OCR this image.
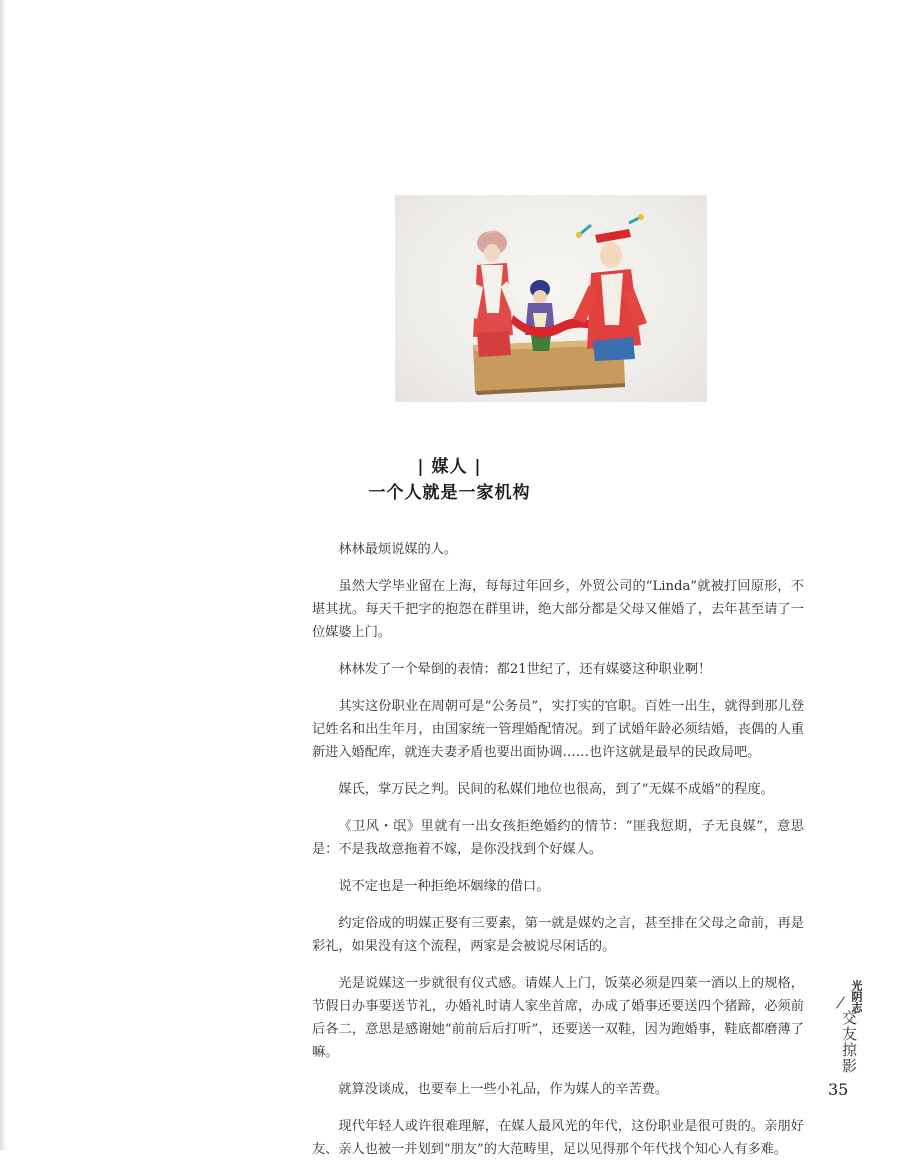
| 媒人 |
一个人就是一家机构

林林最烦说媒的人。

虽然大学毕业留在上海，每每过年回乡，外贸公司的“Linda”就被打回原形，不堪其扰。每天千把字的抱怨在群里讲，绝大部分都是父母又催婚了，去年甚至请了一位媒婆上门。

林林发了一个晕倒的表情：都21世纪了，还有媒婆这种职业啊！

其实这份职业在周朝可是“公务员”，实打实的官职。百姓一出生，就得到那儿登记姓名和出生年月，由国家统一管理婚配情况。到了试婚年龄必须结婚，丧偶的人重新进入婚配库，就连夫妻矛盾也要出面协调……也许这就是最早的民政局吧。

媒氏，掌万民之判。民间的私媒们地位也很高，到了“无媒不成婚”的程度。

《卫风・氓》里就有一出女孩拒绝婚约的情节：“匪我愆期，子无良媒”，意思是：不是我故意拖着不嫁，是你没找到个好媒人。

说不定也是一种拒绝坏姻缘的借口。

约定俗成的明媒正娶有三要素，第一就是媒妁之言，甚至排在父母之命前，再是彩礼，如果没有这个流程，两家是会被说尽闲话的。

光是说媒这一步就很有仪式感。请媒人上门，饭菜必须是四菜一酒以上的规格，节假日办事要送节礼，办婚礼时请人家坐首席，办成了婚事还要送四个猪蹄，必须前后各二，意思是感谢她“前前后后打听”，还要送一双鞋，因为跑婚事，鞋底都磨薄了嘛。

就算没谈成，也要奉上一些小礼品，作为媒人的辛苦费。

现代年轻人或许很难理解，在媒人最风光的年代，这份职业是很可贵的。亲朋好友、亲人也被一并划到“朋友”的大范畴里，足以见得那个年代找个知心人有多难。

光阴志
交友掠影
35
